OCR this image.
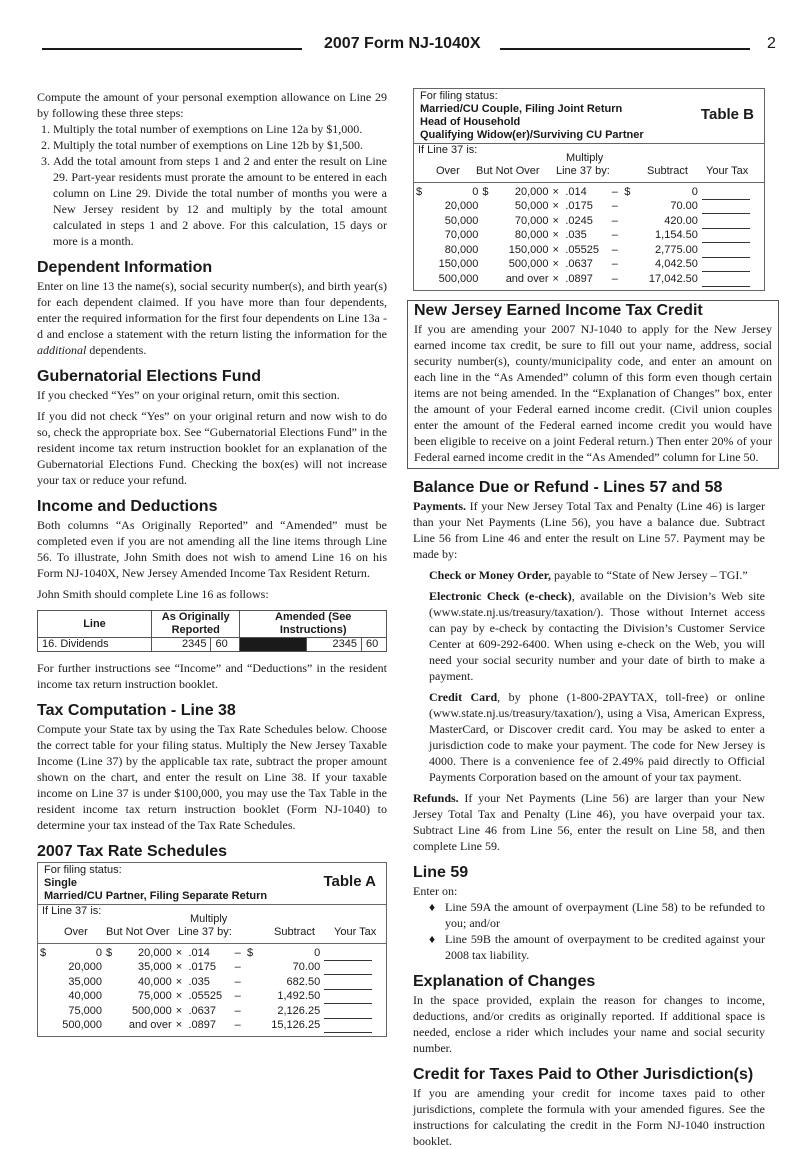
2007 Form NJ-1040X	2

Compute the amount of your personal exemption allowance on Line 29 by following these three steps:

1. Multiply the total number of exemptions on Line 12a by $1,000.
2. Multiply the total number of exemptions on Line 12b by $1,500.
3. Add the total amount from steps 1 and 2 and enter the result on Line 29. Part-year residents must prorate the amount to be entered in each column on Line 29. Divide the total number of months you were a New Jersey resident by 12 and multiply by the total amount calculated in steps 1 and 2 above. For this calculation, 15 days or more is a month.
Dependent Information

Enter on line 13 the name(s), social security number(s), and birth year(s) for each dependent claimed. If you have more than four dependents, enter the required information for the first four dependents on Line 13a - d and enclose a statement with the return listing the information for the additional dependents.

Gubernatorial Elections Fund

If you checked “Yes” on your original return, omit this section.

If you did not check “Yes” on your original return and now wish to do so, check the appropriate box. See “Gubernatorial Elections Fund” in the resident income tax return instruction booklet for an explanation of the Gubernatorial Elections Fund. Checking the box(es) will not increase your tax or reduce your refund.

Income and Deductions

Both columns “As Originally Reported” and “Amended” must be completed even if you are not amending all the line items through Line 56. To illustrate, John Smith does not wish to amend Line 16 on his Form NJ-1040X, New Jersey Amended Income Tax Resident Return.

John Smith should complete Line 16 as follows:

Line	As Originally Reported		Amended (See Instructions)		
16. Dividends	2345	60		2345	60

For further instructions see “Income” and “Deductions” in the resident income tax return instruction booklet.

Tax Computation - Line 38

Compute your State tax by using the Tax Rate Schedules below. Choose the correct table for your filing status. Multiply the New Jersey Taxable Income (Line 37) by the applicable tax rate, subtract the proper amount shown on the chart, and enter the result on Line 38. If your taxable income on Line 37 is under $100,000, you may use the Tax Table in the resident income tax return instruction booklet (Form NJ-1040) to determine your tax instead of the Tax Rate Schedules.

2007 Tax Rate Schedules
For filing status:
Single
Married/CU Partner, Filing Separate Return
Table A
If Line 37 is:
Multiply
Over But Not Over Line 37 by:	Subtract Your Tax
$	0	$	20,000	×	.014	–	$	0	

	20,000		35,000	×	.0175	–		70.00	

	35,000		40,000	×	.035	–		682.50	

	40,000		75,000	×	.05525	–		1,492.50	

	75,000		500,000	×	.0637	–		2,126.25	

	500,000		and over	×	.0897	–		15,126.25	

For filing status:
Married/CU Couple, Filing Joint Return
Head of Household
Qualifying Widow(er)/Surviving CU Partner
Table B
If Line 37 is:
Multiply
Over But Not Over Line 37 by:	Subtract Your Tax
$	0	$	20,000	×	.014	–	$	0	

	20,000		50,000	×	.0175	–		70.00	

	50,000		70,000	×	.0245	–		420.00	

	70,000		80,000	×	.035	–		1,154.50	

	80,000		150,000	×	.05525	–		2,775.00	

	150,000		500,000	×	.0637	–		4,042.50	

	500,000		and over	×	.0897	–		17,042.50	

New Jersey Earned Income Tax Credit

If you are amending your 2007 NJ-1040 to apply for the New Jersey earned income tax credit, be sure to fill out your name, address, social security number(s), county/municipality code, and enter an amount on each line in the “As Amended” column of this form even though certain items are not being amended. In the “Explanation of Changes” box, enter the amount of your Federal earned income credit. (Civil union couples enter the amount of the Federal earned income credit you would have been eligible to receive on a joint Federal return.) Then enter 20% of your Federal earned income credit in the “As Amended” column for Line 50.

Balance Due or Refund - Lines 57 and 58

Payments. If your New Jersey Total Tax and Penalty (Line 46) is larger than your Net Payments (Line 56), you have a balance due. Subtract Line 56 from Line 46 and enter the result on Line 57. Payment may be made by:

Check or Money Order, payable to “State of New Jersey – TGI.”

Electronic Check (e-check), available on the Division’s Web site (www.state.nj.us/treasury/taxation/). Those without Internet access can pay by e-check by contacting the Division’s Customer Service Center at 609-292-6400. When using e-check on the Web, you will need your social security number and your date of birth to make a payment.

Credit Card, by phone (1-800-2PAYTAX, toll-free) or online (www.state.nj.us/treasury/taxation/), using a Visa, American Express, MasterCard, or Discover credit card. You may be asked to enter a jurisdiction code to make your payment. The code for New Jersey is 4000. There is a convenience fee of 2.49% paid directly to Official Payments Corporation based on the amount of your tax payment.

Refunds. If your Net Payments (Line 56) are larger than your New Jersey Total Tax and Penalty (Line 46), you have overpaid your tax. Subtract Line 46 from Line 56, enter the result on Line 58, and then complete Line 59.

Line 59

Enter on:

♦ Line 59A the amount of overpayment (Line 58) to be refunded to you; and/or

♦ Line 59B the amount of overpayment to be credited against your 2008 tax liability.

Explanation of Changes

In the space provided, explain the reason for changes to income, deductions, and/or credits as originally reported. If additional space is needed, enclose a rider which includes your name and social security number.

Credit for Taxes Paid to Other Jurisdiction(s)

If you are amending your credit for income taxes paid to other jurisdictions, complete the formula with your amended figures. See the instructions for calculating the credit in the Form NJ-1040 instruction booklet.
